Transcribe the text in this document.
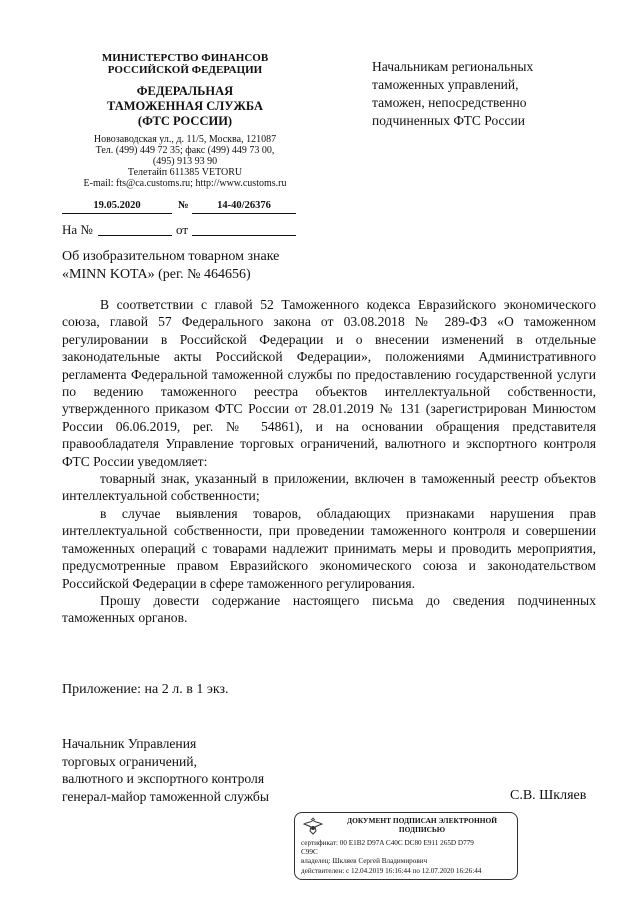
МИНИСТЕРСТВО ФИНАНСОВ
РОССИЙСКОЙ ФЕДЕРАЦИИ
ФЕДЕРАЛЬНАЯ
ТАМОЖЕННАЯ СЛУЖБА
(ФТС РОССИИ)
Новозаводская ул., д. 11/5, Москва, 121087
Тел. (499) 449 72 35; факс (499) 449 73 00,
(495) 913 93 90
Телетайп 611385 VETORU
E-mail: fts@ca.customs.ru; http://www.customs.ru
19.05.2020	№	14-40/26376
На №	от
Начальникам региональных
таможенных управлений,
таможен, непосредственно
подчиненных ФТС России
Об изобразительном товарном знаке
«MINN KOTA» (рег. № 464656)

В соответствии с главой 52 Таможенного кодекса Евразийского экономического союза, главой 57 Федерального закона от 03.08.2018 № 289-ФЗ «О таможенном регулировании в Российской Федерации и о внесении изменений в отдельные законодательные акты Российской Федерации», положениями Административного регламента Федеральной таможенной службы по предоставлению государственной услуги по ведению таможенного реестра объектов интеллектуальной собственности, утвержденного приказом ФТС России от 28.01.2019 № 131 (зарегистрирован Минюстом России 06.06.2019, рег. № 54861), и на основании обращения представителя правообладателя Управление торговых ограничений, валютного и экспортного контроля ФТС России уведомляет:

товарный знак, указанный в приложении, включен в таможенный реестр объектов интеллектуальной собственности;

в случае выявления товаров, обладающих признаками нарушения прав интеллектуальной собственности, при проведении таможенного контроля и совершении таможенных операций с товарами надлежит принимать меры и проводить мероприятия, предусмотренные правом Евразийского экономического союза и законодательством Российской Федерации в сфере таможенного регулирования.

Прошу довести содержание настоящего письма до сведения подчиненных таможенных органов.

Приложение: на 2 л. в 1 экз.
Начальник Управления
торговых ограничений,
валютного и экспортного контроля
генерал-майор таможенной службы	С.В. Шкляев
ДОКУМЕНТ ПОДПИСАН ЭЛЕКТРОННОЙ
ПОДПИСЬЮ
сертификат: 00 E1B2 D97A C40C DC80 E911 265D D779
C99C
владелец: Шкляев Сергей Владимирович
действителен: с 12.04.2019 16:16:44 по 12.07.2020 16:26:44
